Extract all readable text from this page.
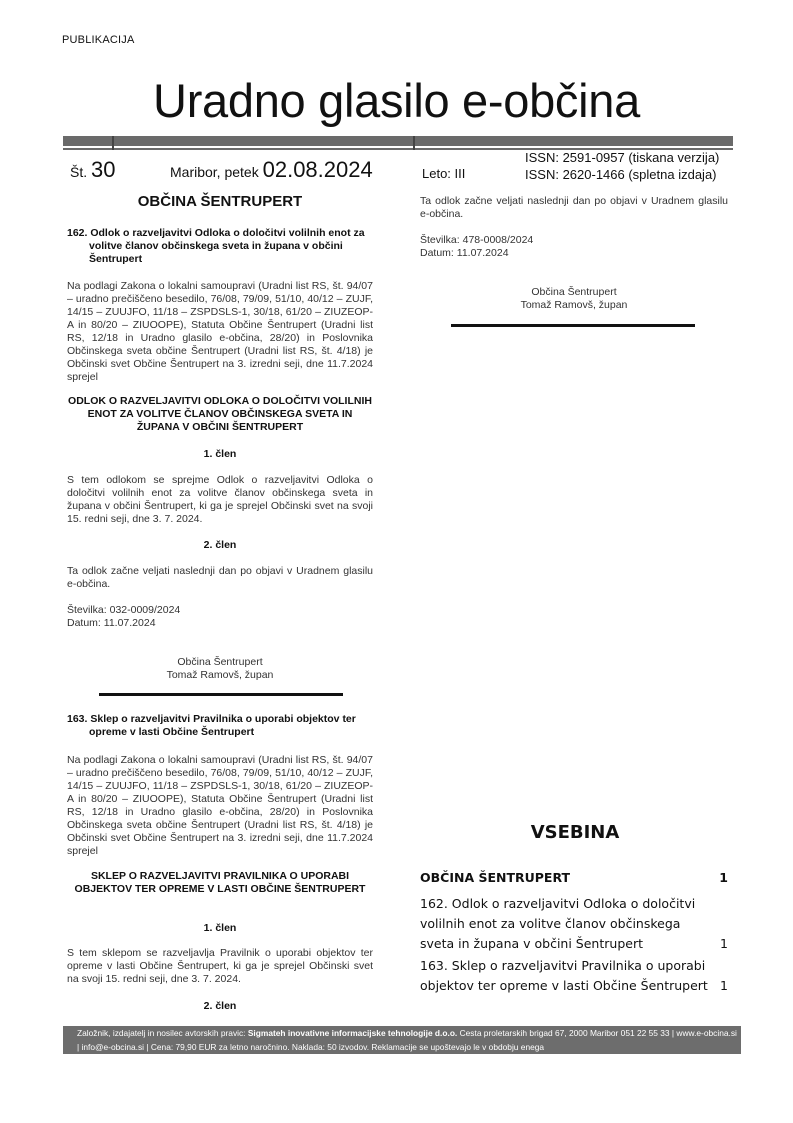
PUBLIKACIJA
Uradno glasilo e-občina
Št. 30	Maribor, petek 02.08.2024	Leto: III
ISSN: 2591-0957 (tiskana verzija)
ISSN: 2620-1466 (spletna izdaja)
OBČINA ŠENTRUPERT
162. Odlok o razveljavitvi Odloka o določitvi volilnih enot za volitve članov občinskega sveta in župana v občini Šentrupert
Na podlagi Zakona o lokalni samoupravi (Uradni list RS, št. 94/07 – uradno prečiščeno besedilo, 76/08, 79/09, 51/10, 40/12 – ZUJF, 14/15 – ZUUJFO, 11/18 – ZSPDSLS-1, 30/18, 61/20 – ZIUZEOP-A in 80/20 – ZIUOOPE), Statuta Občine Šentrupert (Uradni list RS, 12/18 in Uradno glasilo e-občina, 28/20) in Poslovnika Občinskega sveta občine Šentrupert (Uradni list RS, št. 4/18) je Občinski svet Občine Šentrupert na 3. izredni seji, dne 11.7.2024 sprejel
ODLOK O RAZVELJAVITVI ODLOKA O DOLOČITVI VOLILNIH ENOT ZA VOLITVE ČLANOV OBČINSKEGA SVETA IN ŽUPANA V OBČINI ŠENTRUPERT
1. člen
S tem odlokom se sprejme Odlok o razveljavitvi Odloka o določitvi volilnih enot za volitve članov občinskega sveta in župana v občini Šentrupert, ki ga je sprejel Občinski svet na svoji 15. redni seji, dne 3. 7. 2024.
2. člen
Ta odlok začne veljati naslednji dan po objavi v Uradnem glasilu e-občina.
Številka: 032-0009/2024
Datum: 11.07.2024
Občina Šentrupert
Tomaž Ramovš, župan
163. Sklep o razveljavitvi Pravilnika o uporabi objektov ter opreme v lasti Občine Šentrupert
Na podlagi Zakona o lokalni samoupravi (Uradni list RS, št. 94/07 – uradno prečiščeno besedilo, 76/08, 79/09, 51/10, 40/12 – ZUJF, 14/15 – ZUUJFO, 11/18 – ZSPDSLS-1, 30/18, 61/20 – ZIUZEOP-A in 80/20 – ZIUOOPE), Statuta Občine Šentrupert (Uradni list RS, 12/18 in Uradno glasilo e-občina, 28/20) in Poslovnika Občinskega sveta občine Šentrupert (Uradni list RS, št. 4/18) je Občinski svet Občine Šentrupert na 3. izredni seji, dne 11.7.2024 sprejel
SKLEP O RAZVELJAVITVI PRAVILNIKA O UPORABI OBJEKTOV TER OPREME V LASTI OBČINE ŠENTRUPERT
1. člen
S tem sklepom se razveljavlja Pravilnik o uporabi objektov ter opreme v lasti Občine Šentrupert, ki ga je sprejel Občinski svet na svoji 15. redni seji, dne 3. 7. 2024.
2. člen
Ta odlok začne veljati naslednji dan po objavi v Uradnem glasilu e-občina.
Številka: 478-0008/2024
Datum: 11.07.2024
Občina Šentrupert
Tomaž Ramovš, župan
VSEBINA
OBČINA ŠENTRUPERT	1
162. Odlok o razveljavitvi Odloka o določitvi volilnih enot za volitve članov občinskega sveta in župana v občini Šentrupert	1
163. Sklep o razveljavitvi Pravilnika o uporabi objektov ter opreme v lasti Občine Šentrupert 1
Založnik, izdajatelj in nosilec avtorskih pravic: Sigmateh inovativne informacijske tehnologije d.o.o. Cesta proletarskih brigad 67, 2000 Maribor 051 22 55 33 | www.e-obcina.si | info@e-obcina.si | Cena: 79,90 EUR za letno naročnino. Naklada: 50 izvodov. Reklamacije se upoštevajo le v obdobju enega
